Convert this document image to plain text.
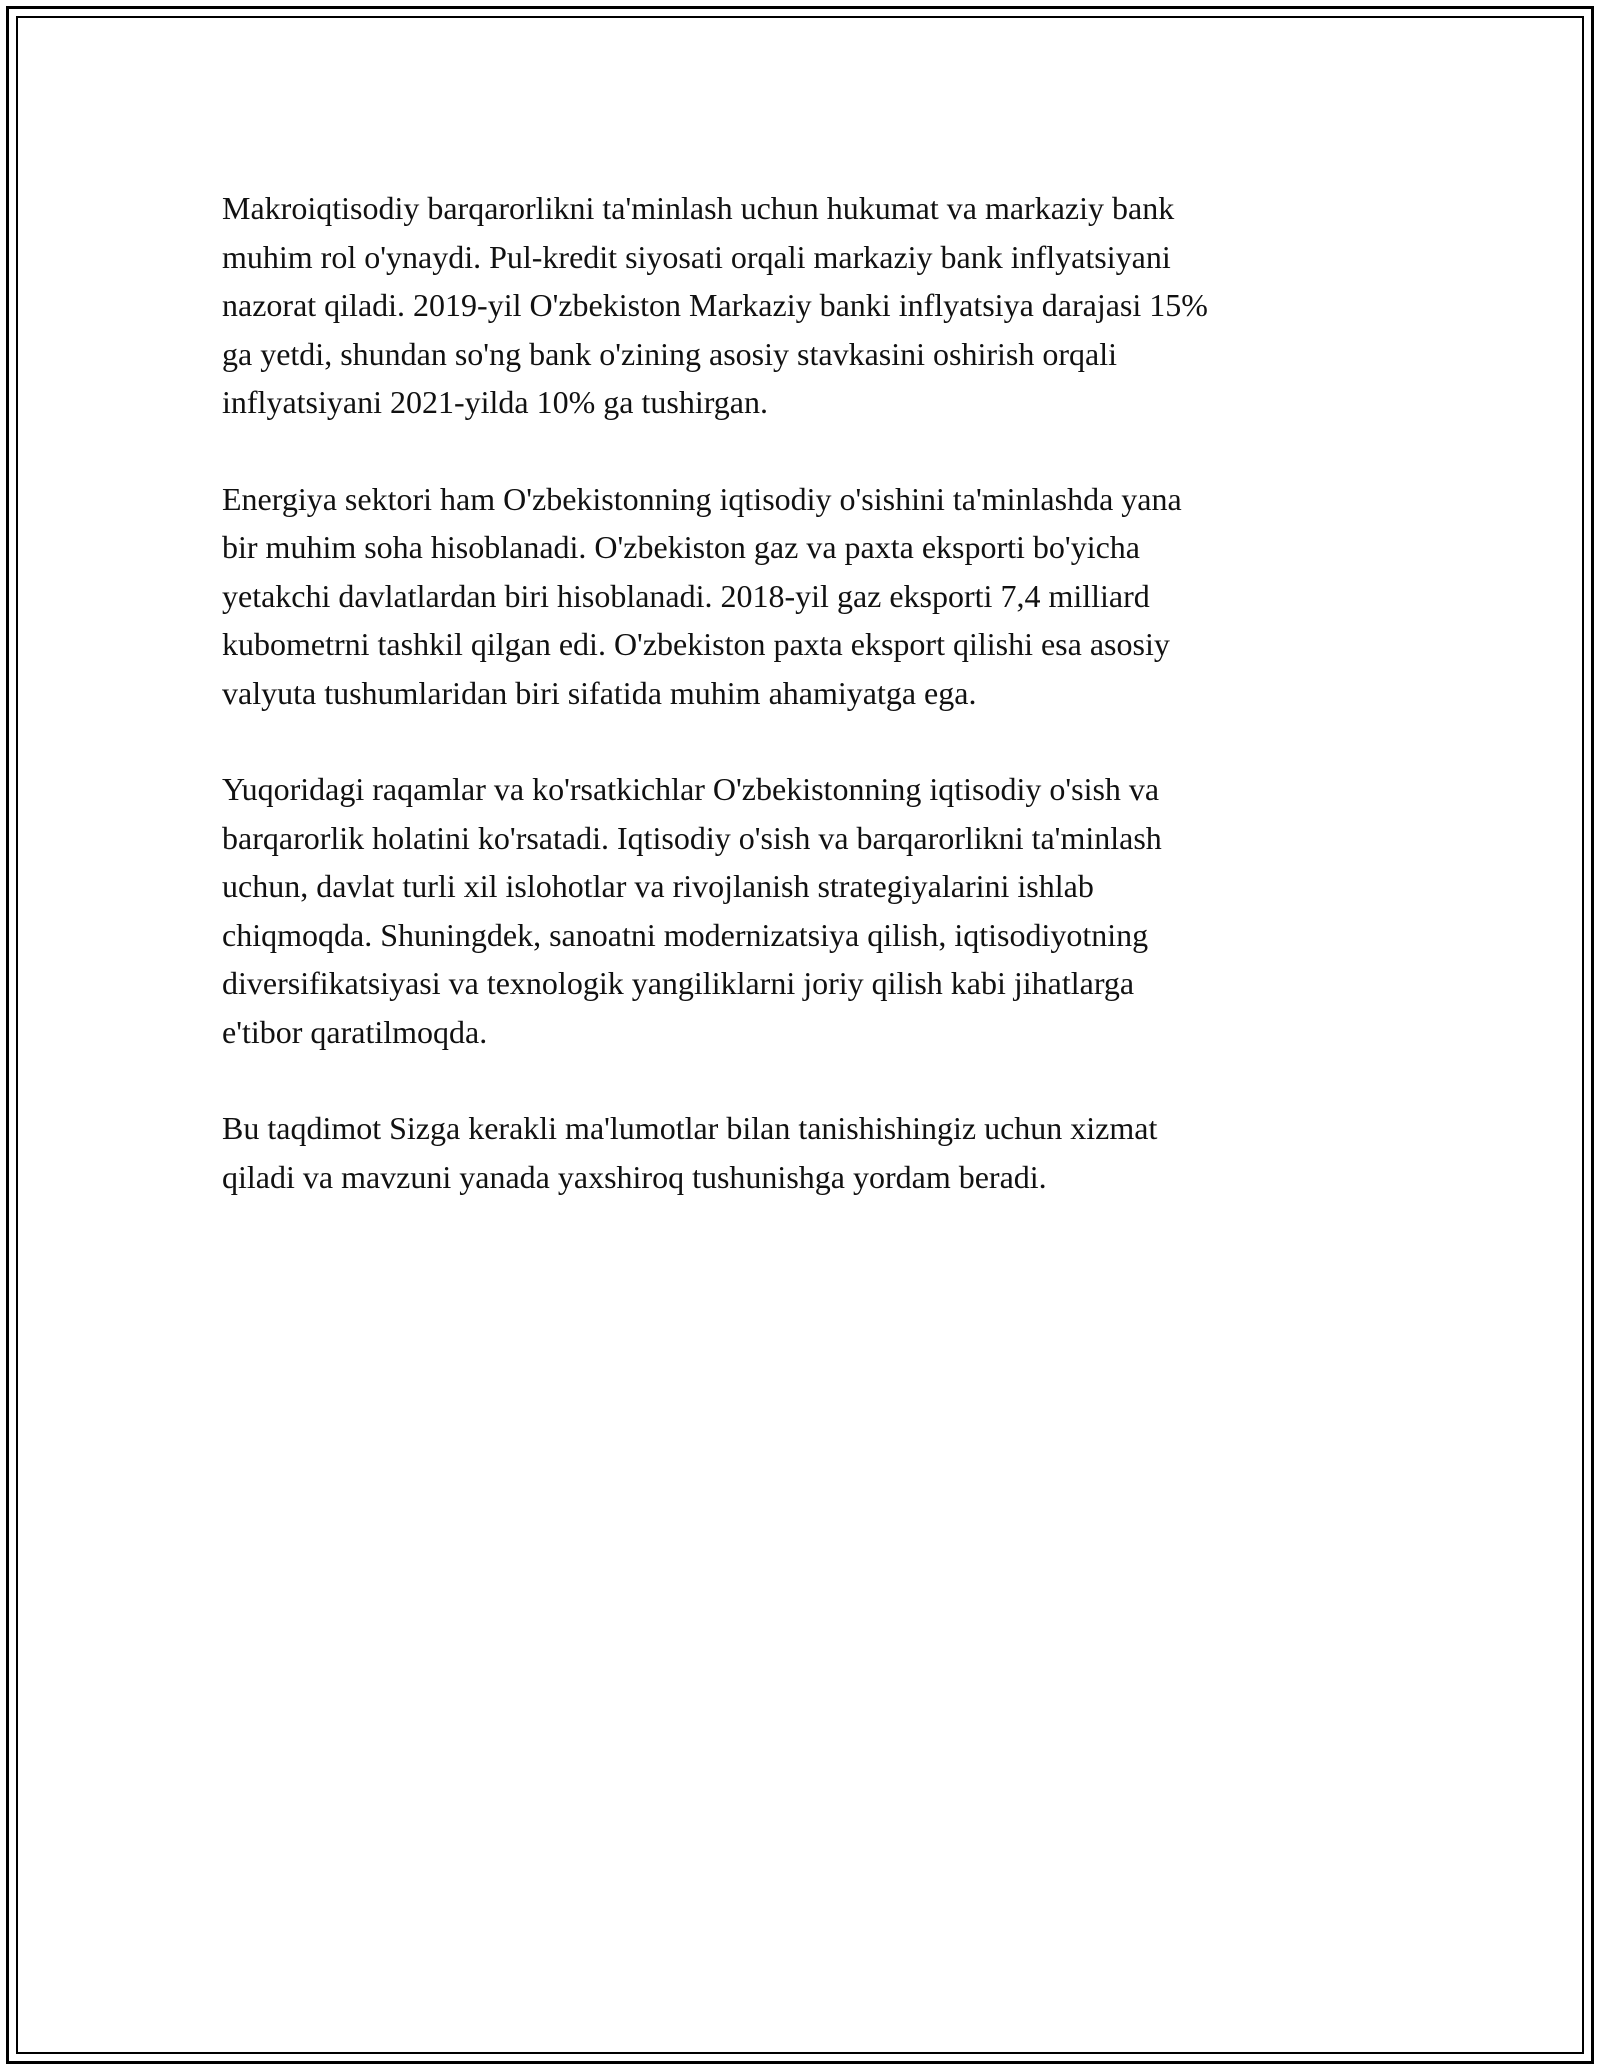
Makroiqtisodiy barqarorlikni ta'minlash uchun hukumat va markaziy bank
muhim rol o'ynaydi. Pul-kredit siyosati orqali markaziy bank inflyatsiyani
nazorat qiladi. 2019-yil O'zbekiston Markaziy banki inflyatsiya darajasi 15%
ga yetdi, shundan so'ng bank o'zining asosiy stavkasini oshirish orqali
inflyatsiyani 2021-yilda 10% ga tushirgan.

Energiya sektori ham O'zbekistonning iqtisodiy o'sishini ta'minlashda yana
bir muhim soha hisoblanadi. O'zbekiston gaz va paxta eksporti bo'yicha
yetakchi davlatlardan biri hisoblanadi. 2018-yil gaz eksporti 7,4 milliard
kubometrni tashkil qilgan edi. O'zbekiston paxta eksport qilishi esa asosiy
valyuta tushumlaridan biri sifatida muhim ahamiyatga ega.

Yuqoridagi raqamlar va ko'rsatkichlar O'zbekistonning iqtisodiy o'sish va
barqarorlik holatini ko'rsatadi. Iqtisodiy o'sish va barqarorlikni ta'minlash
uchun, davlat turli xil islohotlar va rivojlanish strategiyalarini ishlab
chiqmoqda. Shuningdek, sanoatni modernizatsiya qilish, iqtisodiyotning
diversifikatsiyasi va texnologik yangiliklarni joriy qilish kabi jihatlarga
e'tibor qaratilmoqda.

Bu taqdimot Sizga kerakli ma'lumotlar bilan tanishishingiz uchun xizmat
qiladi va mavzuni yanada yaxshiroq tushunishga yordam beradi.
